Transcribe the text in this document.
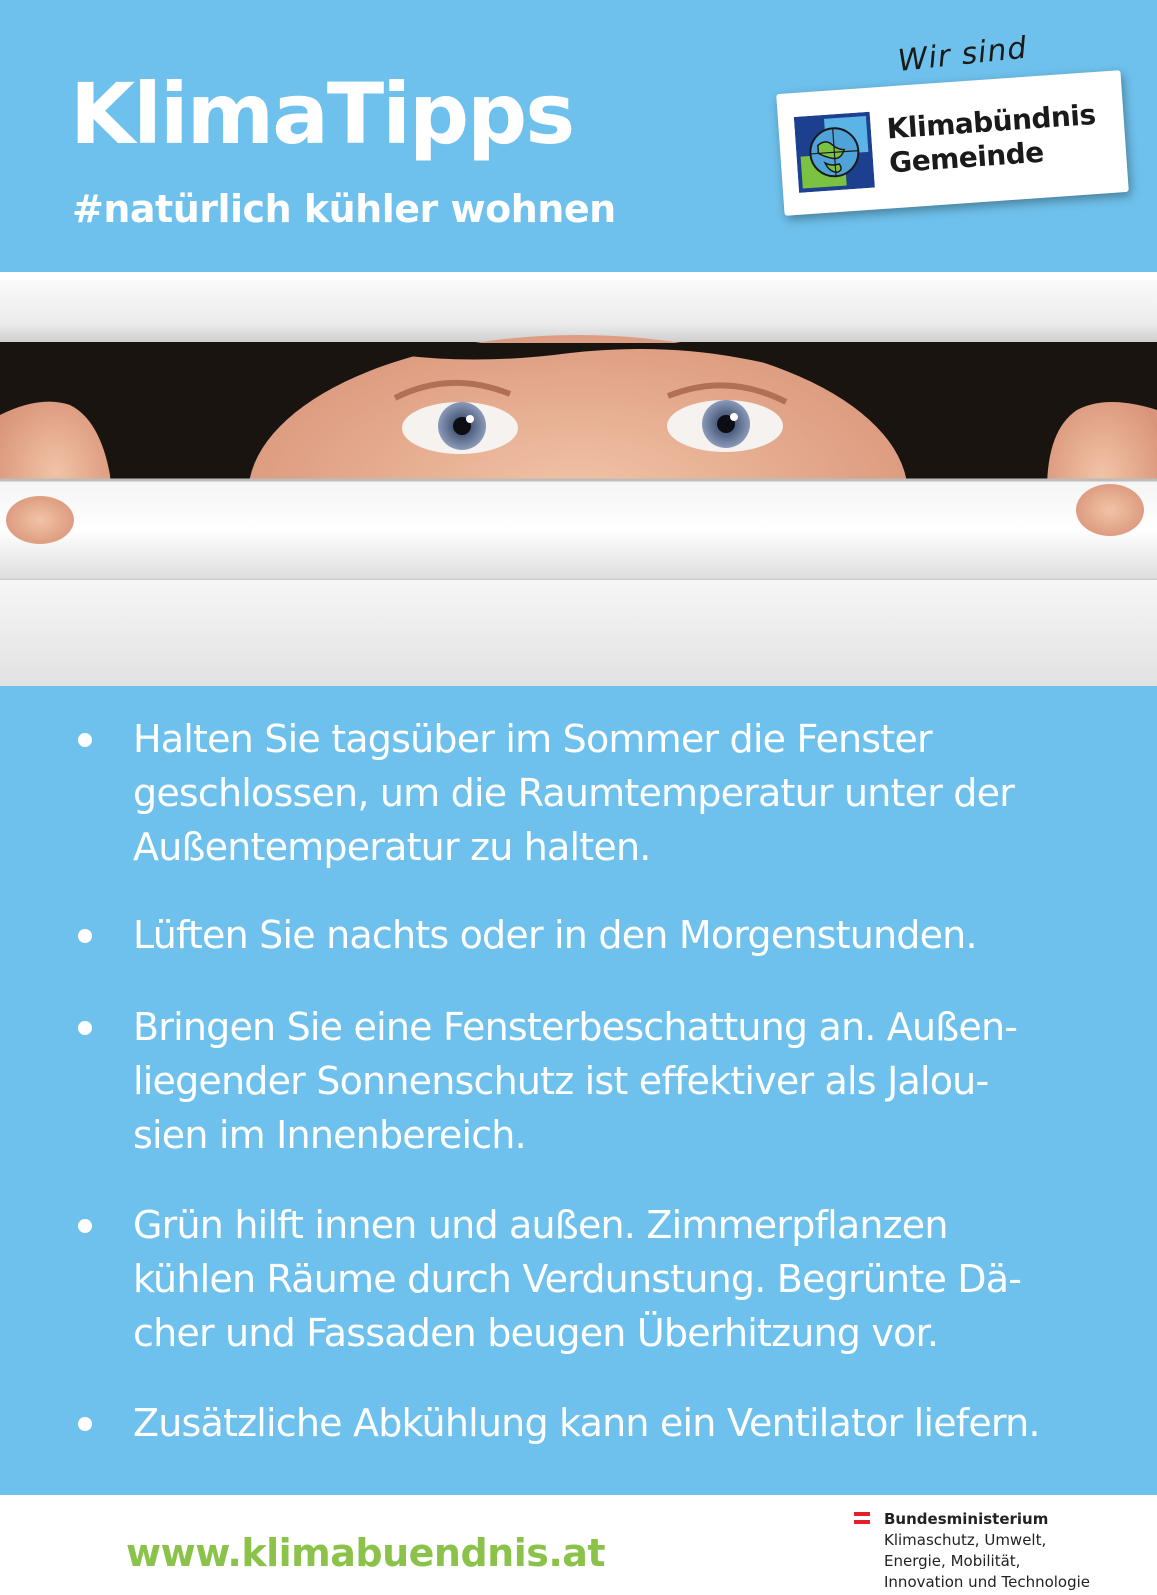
KlimaTipps
#natürlich kühler wohnen
Wir sind
Klimabündnis
Gemeinde
Halten Sie tagsüber im Sommer die Fenster
geschlossen, um die Raumtemperatur unter der
Außentemperatur zu halten.
Lüften Sie nachts oder in den Morgenstunden.
Bringen Sie eine Fensterbeschattung an. Außen-
liegender Sonnenschutz ist effektiver als Jalou-
sien im Innenbereich.
Grün hilft innen und außen. Zimmerpflanzen
kühlen Räume durch Verdunstung. Begrünte Dä-
cher und Fassaden beugen Überhitzung vor.
Zusätzliche Abkühlung kann ein Ventilator liefern.
www.klimabuendnis.at
Bundesministerium
Klimaschutz, Umwelt,
Energie, Mobilität,
Innovation und Technologie
